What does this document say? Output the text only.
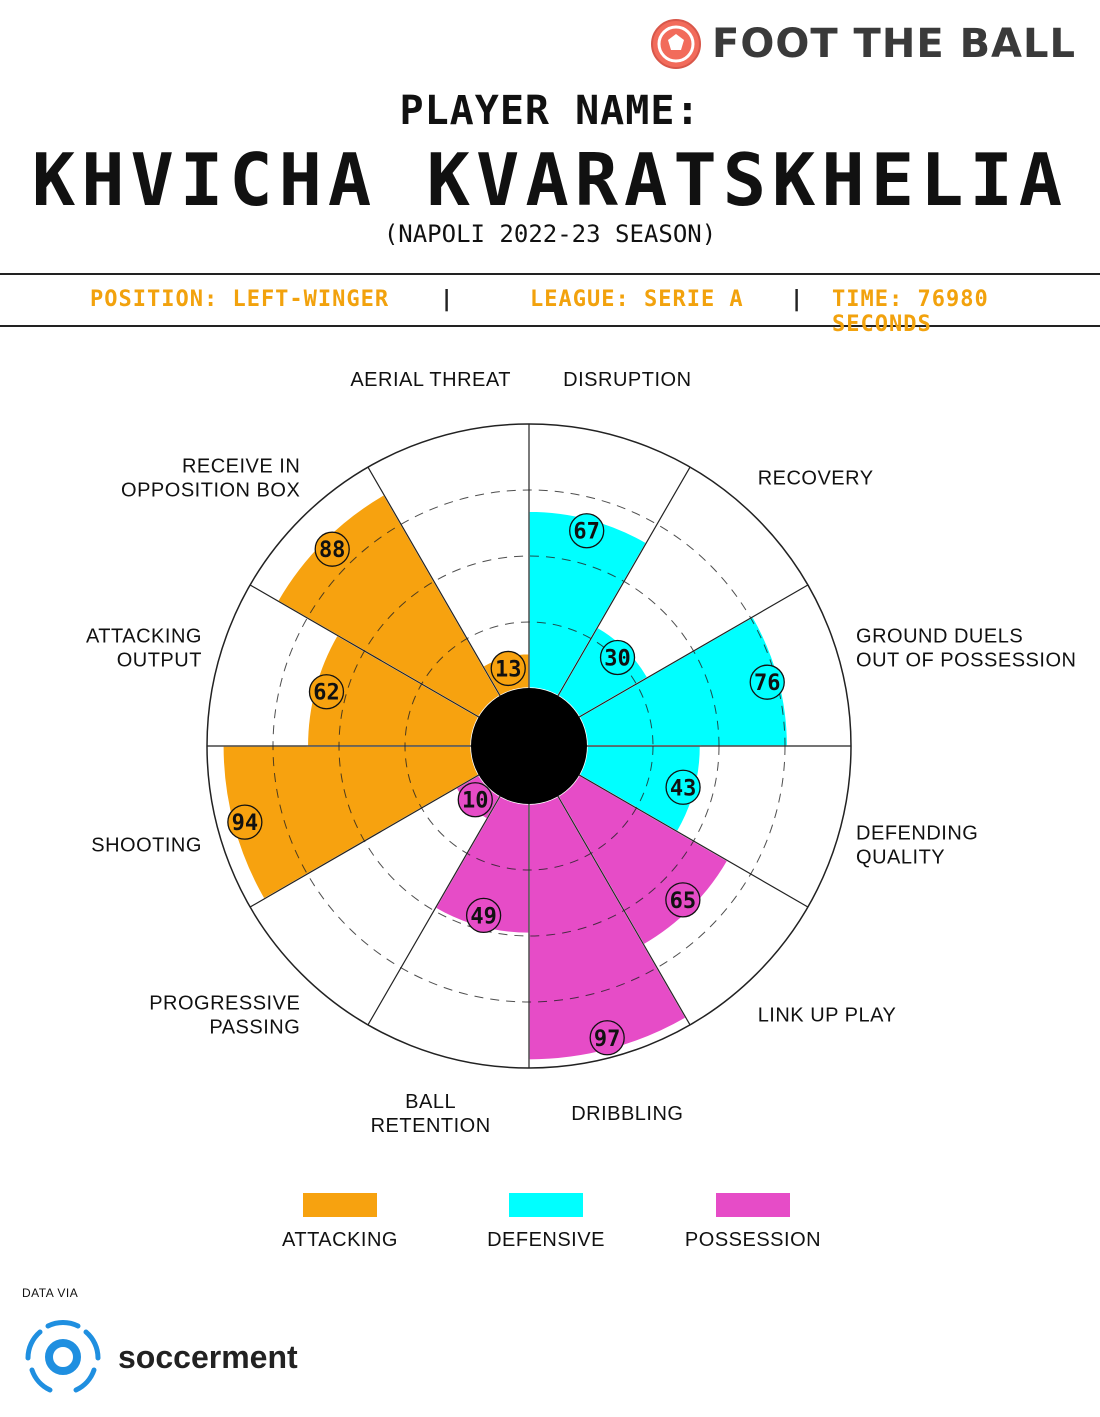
FOOT THE BALL
PLAYER NAME:
KHVICHA KVARATSKHELIA
(NAPOLI 2022-23 SEASON)
POSITION: LEFT-WINGER |	LEAGUE: SERIE A | TIME: 76980 SECONDS
67
30
76
43
65
97
49
10
94
62
88
13
DISRUPTION
RECOVERY
GROUND DUELS OUT OF POSSESSION
DEFENDING QUALITY
LINK UP PLAY
DRIBBLING
BALL RETENTION
PROGRESSIVE PASSING
SHOOTING
ATTACKING OUTPUT
RECEIVE IN OPPOSITION BOX
AERIAL THREAT
ATTACKING	DEFENSIVE	POSSESSION
DATA VIA
soccerment
